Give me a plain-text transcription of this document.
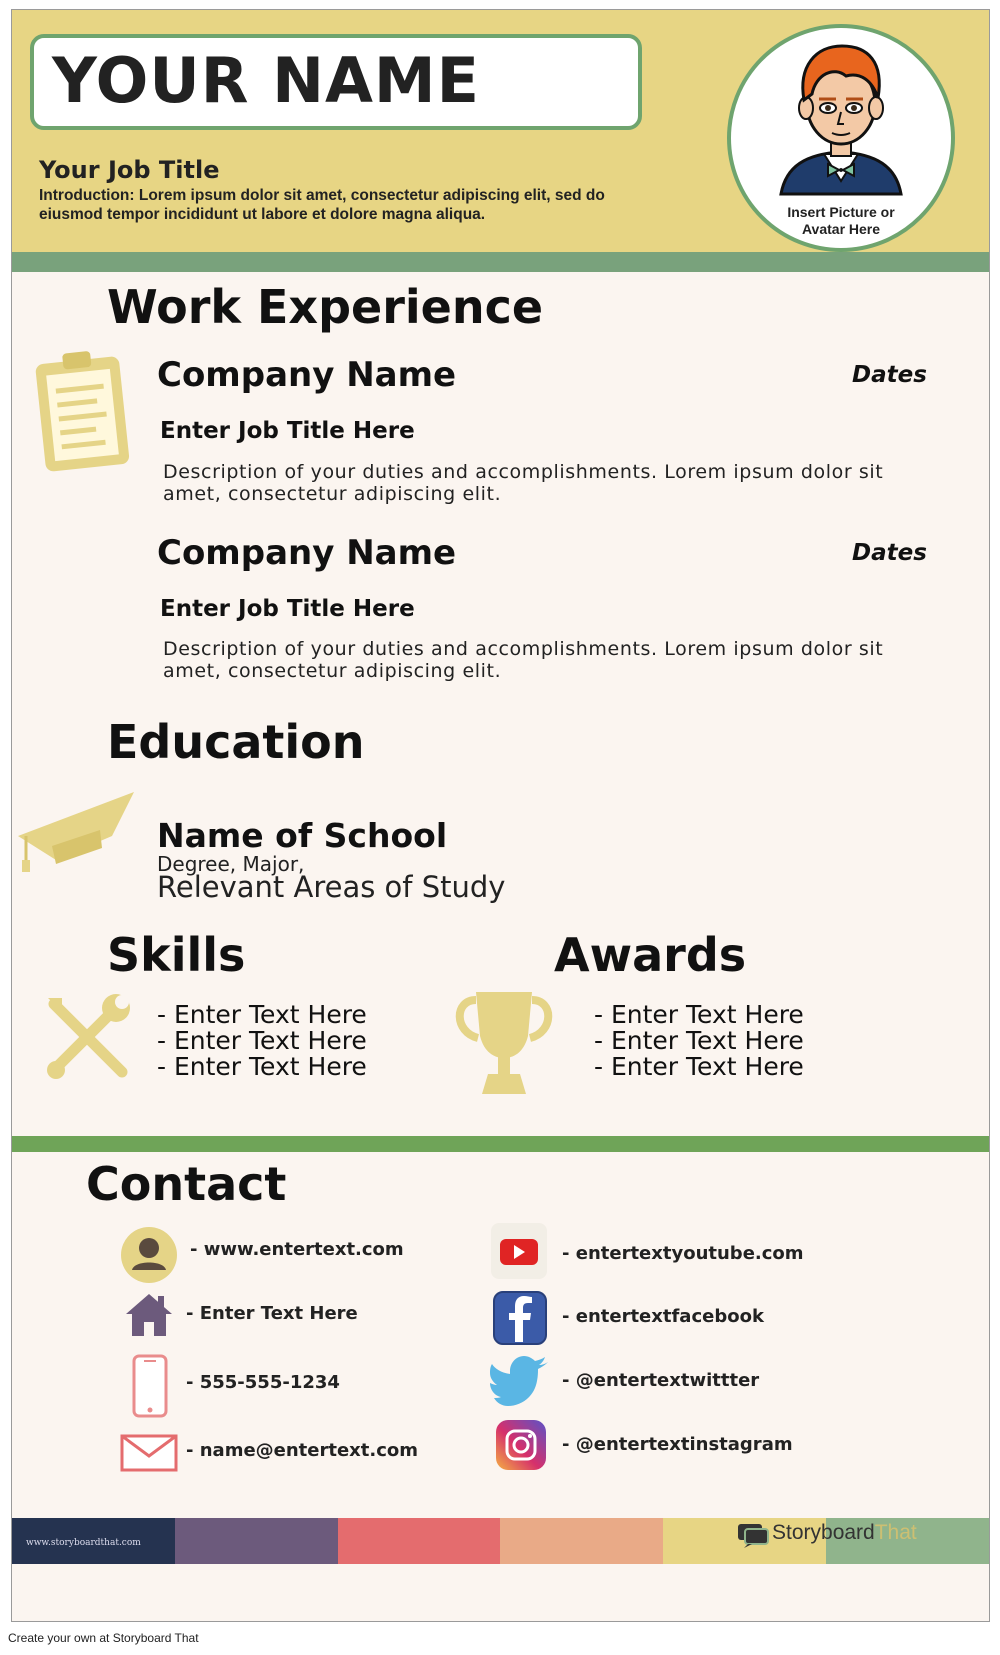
YOUR NAME
Your Job Title
Introduction: Lorem ipsum dolor sit amet, consectetur adipiscing elit, sed do eiusmod tempor incididunt ut labore et dolore magna aliqua.	Insert Picture or
Avatar Here
Work Experience
Company Name	Dates
Enter Job Title Here
Description of your duties and accomplishments. Lorem ipsum dolor sit amet, consectetur adipiscing elit.
Company Name	Dates
Enter Job Title Here
Description of your duties and accomplishments. Lorem ipsum dolor sit amet, consectetur adipiscing elit.
Education
Name of School
Degree, Major,
Relevant Areas of Study
Skills
- Enter Text Here
- Enter Text Here
- Enter Text Here
Awards
- Enter Text Here
- Enter Text Here
- Enter Text Here
Contact
- www.entertext.com
- Enter Text Here
- 555-555-1234
- name@entertext.com
- entertextyoutube.com
- entertextfacebook
- @entertextwittter
- @entertextinstagram
www.storyboardthat.com	StoryboardThat
Create your own at Storyboard That
